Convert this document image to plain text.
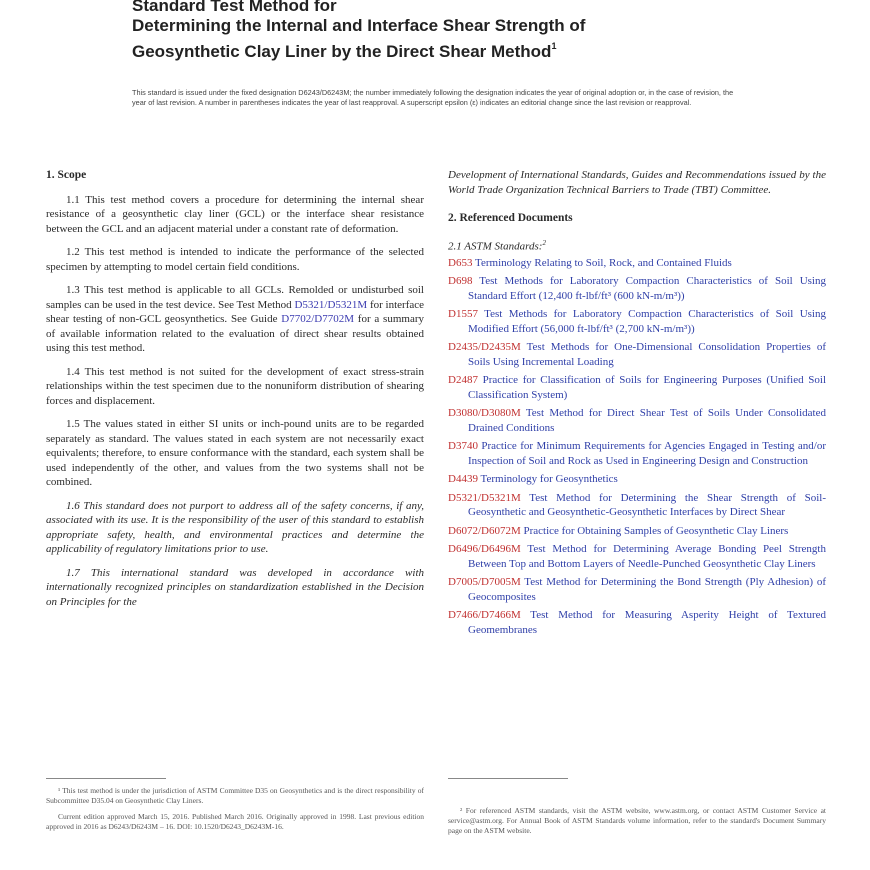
Standard Test Method for
Determining the Internal and Interface Shear Strength of
Geosynthetic Clay Liner by the Direct Shear Method$^1$
This standard is issued under the fixed designation D6243/D6243M; the number immediately following the designation indicates the year of original adoption or, in the case of revision, the year of last revision. A number in parentheses indicates the year of last reapproval. A superscript epsilon (ε) indicates an editorial change since the last revision or reapproval.
1. Scope

1.1 This test method covers a procedure for determining the internal shear resistance of a geosynthetic clay liner (GCL) or the interface shear resistance between the GCL and an adjacent material under a constant rate of deformation.

1.2 This test method is intended to indicate the performance of the selected specimen by attempting to model certain field conditions.

1.3 This test method is applicable to all GCLs. Remolded or undisturbed soil samples can be used in the test device. See Test Method D5321/D5321M for interface shear testing of non-GCL geosynthetics. See Guide D7702/D7702M for a summary of available information related to the evaluation of direct shear results obtained using this test method.

1.4 This test method is not suited for the development of exact stress-strain relationships within the test specimen due to the nonuniform distribution of shearing forces and displacement.

1.5 The values stated in either SI units or inch-pound units are to be regarded separately as standard. The values stated in each system are not necessarily exact equivalents; therefore, to ensure conformance with the standard, each system shall be used independently of the other, and values from the two systems shall not be combined.

1.6 This standard does not purport to address all of the safety concerns, if any, associated with its use. It is the responsibility of the user of this standard to establish appropriate safety, health, and environmental practices and determine the applicability of regulatory limitations prior to use.

1.7 This international standard was developed in accordance with internationally recognized principles on standardization established in the Decision on Principles for the

Development of International Standards, Guides and Recommendations issued by the World Trade Organization Technical Barriers to Trade (TBT) Committee.

2. Referenced Documents

2.1 ASTM Standards:$^2$

D653 Terminology Relating to Soil, Rock, and Contained Fluids
D698 Test Methods for Laboratory Compaction Characteristics of Soil Using Standard Effort (12,400 ft-lbf/ft³ (600 kN-m/m³))
D1557 Test Methods for Laboratory Compaction Characteristics of Soil Using Modified Effort (56,000 ft-lbf/ft³ (2,700 kN-m/m³))
D2435/D2435M Test Methods for One-Dimensional Consolidation Properties of Soils Using Incremental Loading
D2487 Practice for Classification of Soils for Engineering Purposes (Unified Soil Classification System)
D3080/D3080M Test Method for Direct Shear Test of Soils Under Consolidated Drained Conditions
D3740 Practice for Minimum Requirements for Agencies Engaged in Testing and/or Inspection of Soil and Rock as Used in Engineering Design and Construction
D4439 Terminology for Geosynthetics
D5321/D5321M Test Method for Determining the Shear Strength of Soil-Geosynthetic and Geosynthetic-Geosynthetic Interfaces by Direct Shear
D6072/D6072M Practice for Obtaining Samples of Geosynthetic Clay Liners
D6496/D6496M Test Method for Determining Average Bonding Peel Strength Between Top and Bottom Layers of Needle-Punched Geosynthetic Clay Liners
D7005/D7005M Test Method for Determining the Bond Strength (Ply Adhesion) of Geocomposites
D7466/D7466M Test Method for Measuring Asperity Height of Textured Geomembranes

¹ This test method is under the jurisdiction of ASTM Committee D35 on Geosynthetics and is the direct responsibility of Subcommittee D35.04 on Geosynthetic Clay Liners.

Current edition approved March 15, 2016. Published March 2016. Originally approved in 1998. Last previous edition approved in 2016 as D6243/D6243M – 16. DOI: 10.1520/D6243_D6243M-16.

² For referenced ASTM standards, visit the ASTM website, www.astm.org, or contact ASTM Customer Service at service@astm.org. For Annual Book of ASTM Standards volume information, refer to the standard's Document Summary page on the ASTM website.
